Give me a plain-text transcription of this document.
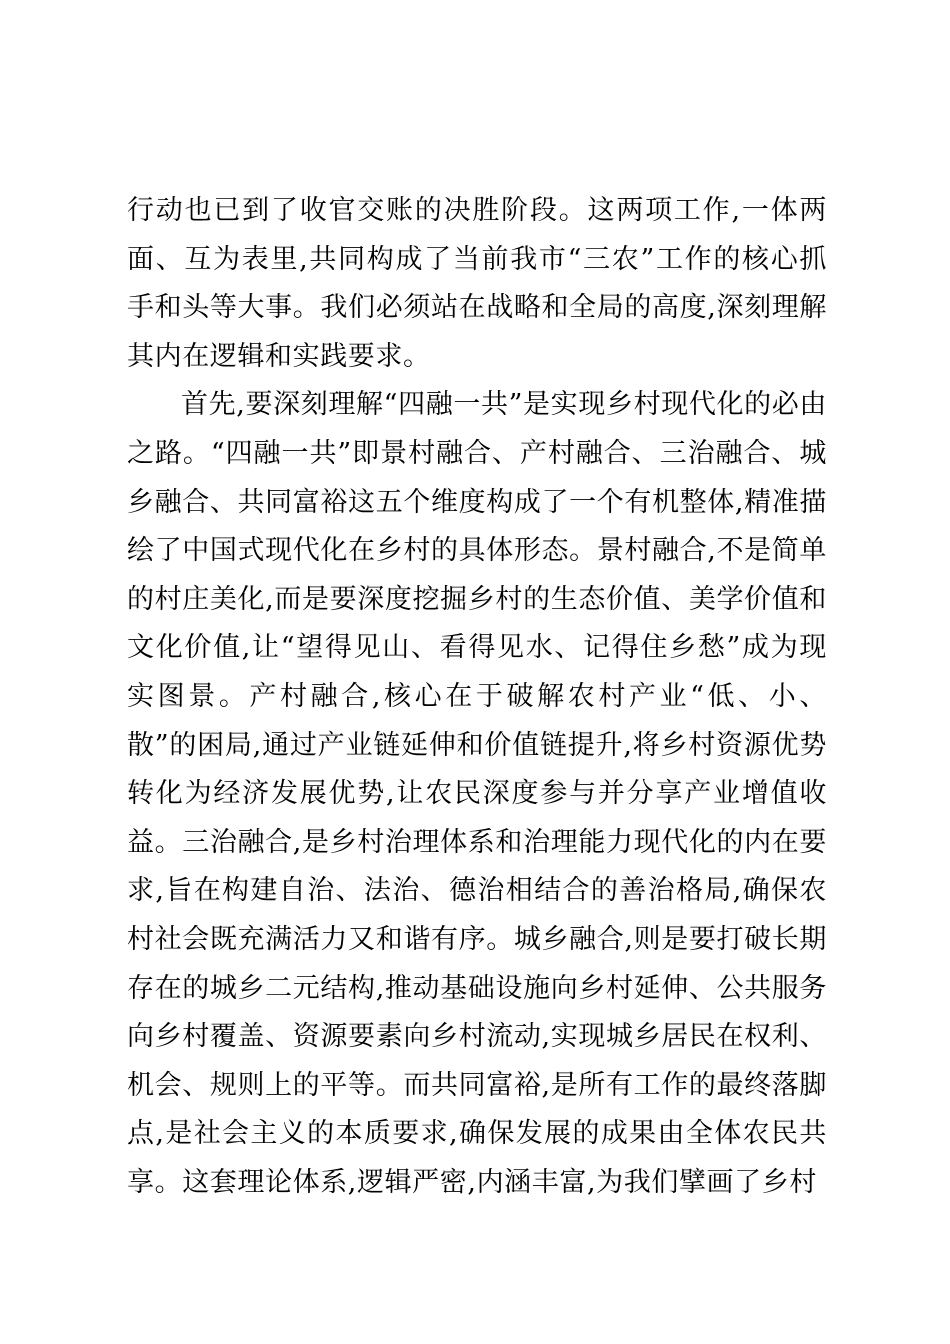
行动也已到了收官交账的决胜阶段。这两项工作,一体两面、互为表里,共同构成了当前我市“三农”工作的核心抓手和头等大事。我们必须站在战略和全局的高度,深刻理解其内在逻辑和实践要求。

首先,要深刻理解“四融一共”是实现乡村现代化的必由之路。“四融一共”即景村融合、产村融合、三治融合、城乡融合、共同富裕这五个维度构成了一个有机整体,精准描绘了中国式现代化在乡村的具体形态。景村融合,不是简单的村庄美化,而是要深度挖掘乡村的生态价值、美学价值和文化价值,让“望得见山、看得见水、记得住乡愁”成为现实图景。产村融合,核心在于破解农村产业“低、小、散”的困局,通过产业链延伸和价值链提升,将乡村资源优势转化为经济发展优势,让农民深度参与并分享产业增值收益。三治融合,是乡村治理体系和治理能力现代化的内在要求,旨在构建自治、法治、德治相结合的善治格局,确保农村社会既充满活力又和谐有序。城乡融合,则是要打破长期存在的城乡二元结构,推动基础设施向乡村延伸、公共服务向乡村覆盖、资源要素向乡村流动,实现城乡居民在权利、机会、规则上的平等。而共同富裕,是所有工作的最终落脚点,是社会主义的本质要求,确保发展的成果由全体农民共享。这套理论体系,逻辑严密,内涵丰富,为我们擘画了乡村
